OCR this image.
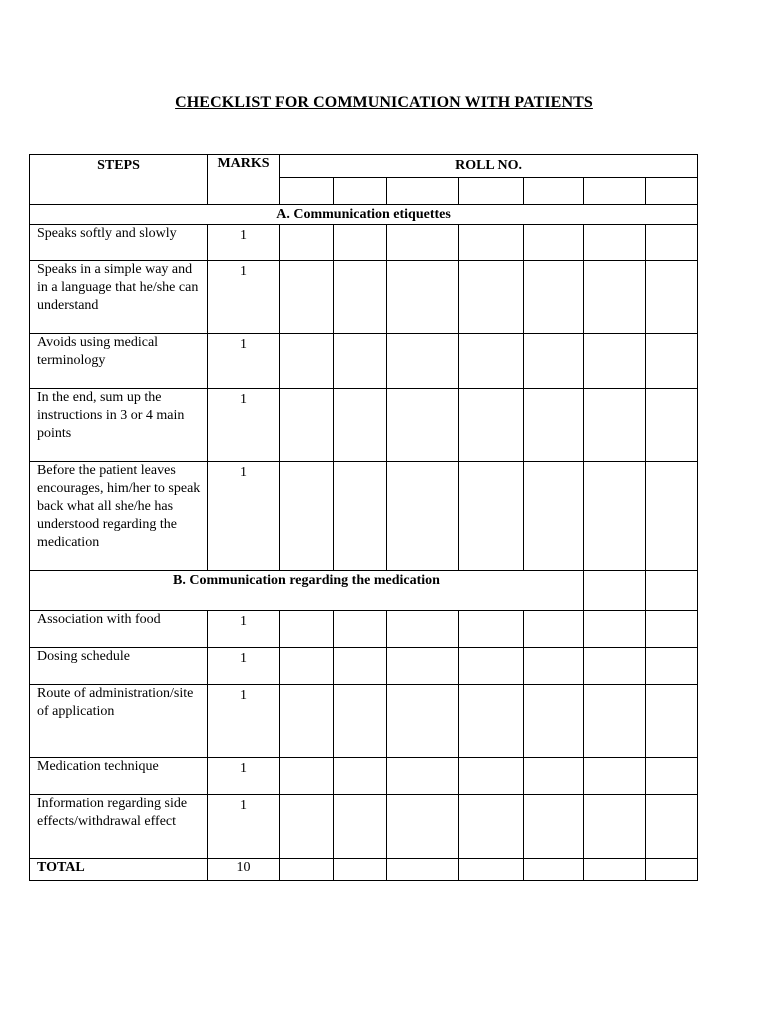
CHECKLIST FOR COMMUNICATION WITH PATIENTS
STEPS	MARKS	ROLL NO.						

A. Communication etiquettes								
Speaks softly and slowly	1							
Speaks in a simple way and in a language that he/she can understand	1							
Avoids using medical terminology	1							
In the end, sum up the instructions in 3 or 4 main points	1							
Before the patient leaves encourages, him/her to speak back what all she/he has understood regarding the medication	1							
B. Communication regarding the medication								
Association with food	1							
Dosing schedule	1							
Route of administration/site of application	1							
Medication technique	1							
Information regarding side effects/withdrawal effect	1							
TOTAL	10							
